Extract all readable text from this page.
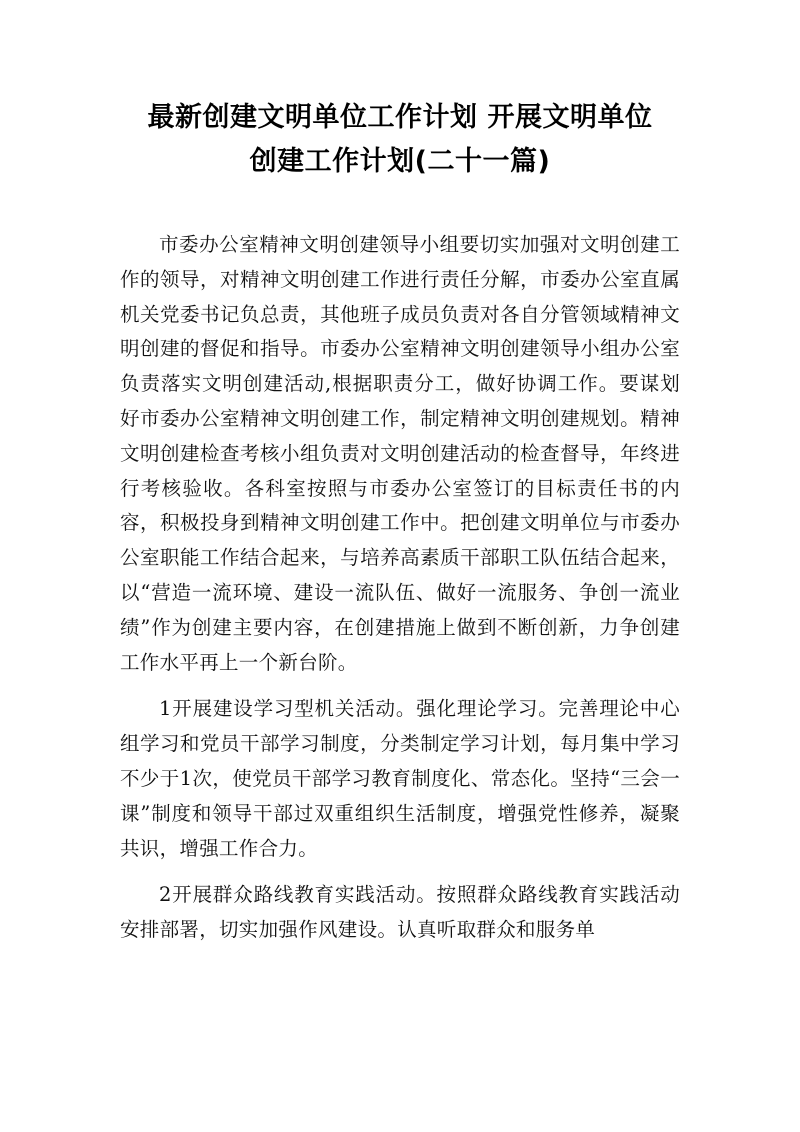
最新创建文明单位工作计划 开展文明单位
创建工作计划(二十一篇)

市委办公室精神文明创建领导小组要切实加强对文明创建工作的领导，对精神文明创建工作进行责任分解，市委办公室直属机关党委书记负总责，其他班子成员负责对各自分管领域精神文明创建的督促和指导。市委办公室精神文明创建领导小组办公室负责落实文明创建活动,根据职责分工，做好协调工作。要谋划好市委办公室精神文明创建工作，制定精神文明创建规划。精神文明创建检查考核小组负责对文明创建活动的检查督导，年终进行考核验收。各科室按照与市委办公室签订的目标责任书的内容，积极投身到精神文明创建工作中。把创建文明单位与市委办公室职能工作结合起来，与培养高素质干部职工队伍结合起来，以“营造一流环境、建设一流队伍、做好一流服务、争创一流业绩”作为创建主要内容，在创建措施上做到不断创新，力争创建工作水平再上一个新台阶。

1开展建设学习型机关活动。强化理论学习。完善理论中心组学习和党员干部学习制度，分类制定学习计划，每月集中学习不少于1次，使党员干部学习教育制度化、常态化。坚持“三会一课”制度和领导干部过双重组织生活制度，增强党性修养，凝聚共识，增强工作合力。

2开展群众路线教育实践活动。按照群众路线教育实践活动安排部署，切实加强作风建设。认真听取群众和服务单
